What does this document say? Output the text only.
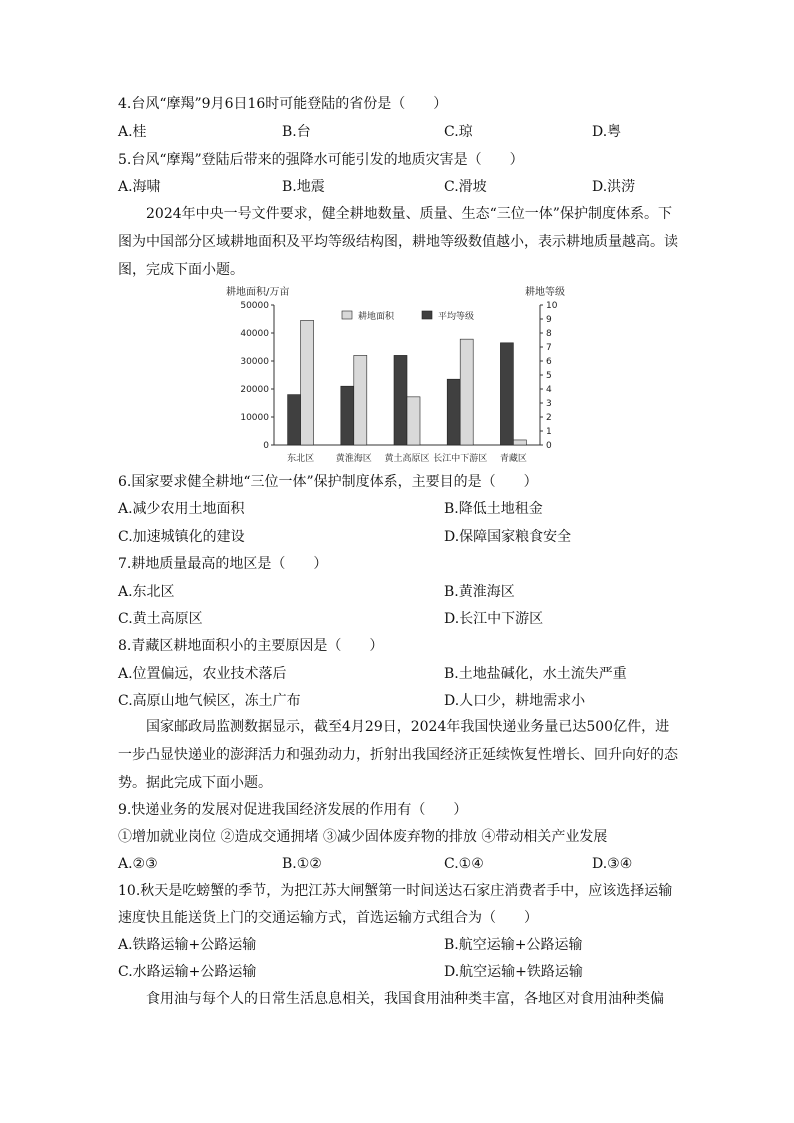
4.台风“摩羯”9月6日16时可能登陆的省份是（　　）
A.桂	B.台	C.琼	D.粤
5.台风“摩羯”登陆后带来的强降水可能引发的地质灾害是（　　）
A.海啸	B.地震	C.滑坡	D.洪涝
2024年中央一号文件要求，健全耕地数量、质量、生态“三位一体”保护制度体系。下图为中国部分区域耕地面积及平均等级结构图，耕地等级数值越小，表示耕地质量越高。读图，完成下面小题。
耕地面积/万亩	耕地等级
耕地面积	平均等级
0
10000
20000
30000
40000
50000
0
1
2
3
4
5
6
7
8
9
10
东北区 黄淮海区 黄土高原区 长江中下游区 青藏区
6.国家要求健全耕地“三位一体”保护制度体系，主要目的是（　　）
A.减少农用土地面积	B.降低土地租金
C.加速城镇化的建设	D.保障国家粮食安全
7.耕地质量最高的地区是（　　）
A.东北区	B.黄淮海区
C.黄土高原区	D.长江中下游区
8.青藏区耕地面积小的主要原因是（　　）
A.位置偏远，农业技术落后	B.土地盐碱化，水土流失严重
C.高原山地气候区，冻土广布	D.人口少，耕地需求小
国家邮政局监测数据显示，截至4月29日，2024年我国快递业务量已达500亿件，进一步凸显快递业的澎湃活力和强劲动力，折射出我国经济正延续恢复性增长、回升向好的态势。据此完成下面小题。
9.快递业务的发展对促进我国经济发展的作用有（　　）
①增加就业岗位 ②造成交通拥堵 ③减少固体废弃物的排放 ④带动相关产业发展
A.②③	B.①②	C.①④	D.③④
10.秋天是吃螃蟹的季节，为把江苏大闸蟹第一时间送达石家庄消费者手中，应该选择运输
速度快且能送货上门的交通运输方式，首选运输方式组合为（　　）
A.铁路运输+公路运输	B.航空运输+公路运输
C.水路运输+公路运输	D.航空运输+铁路运输
食用油与每个人的日常生活息息相关，我国食用油种类丰富，各地区对食用油种类偏
